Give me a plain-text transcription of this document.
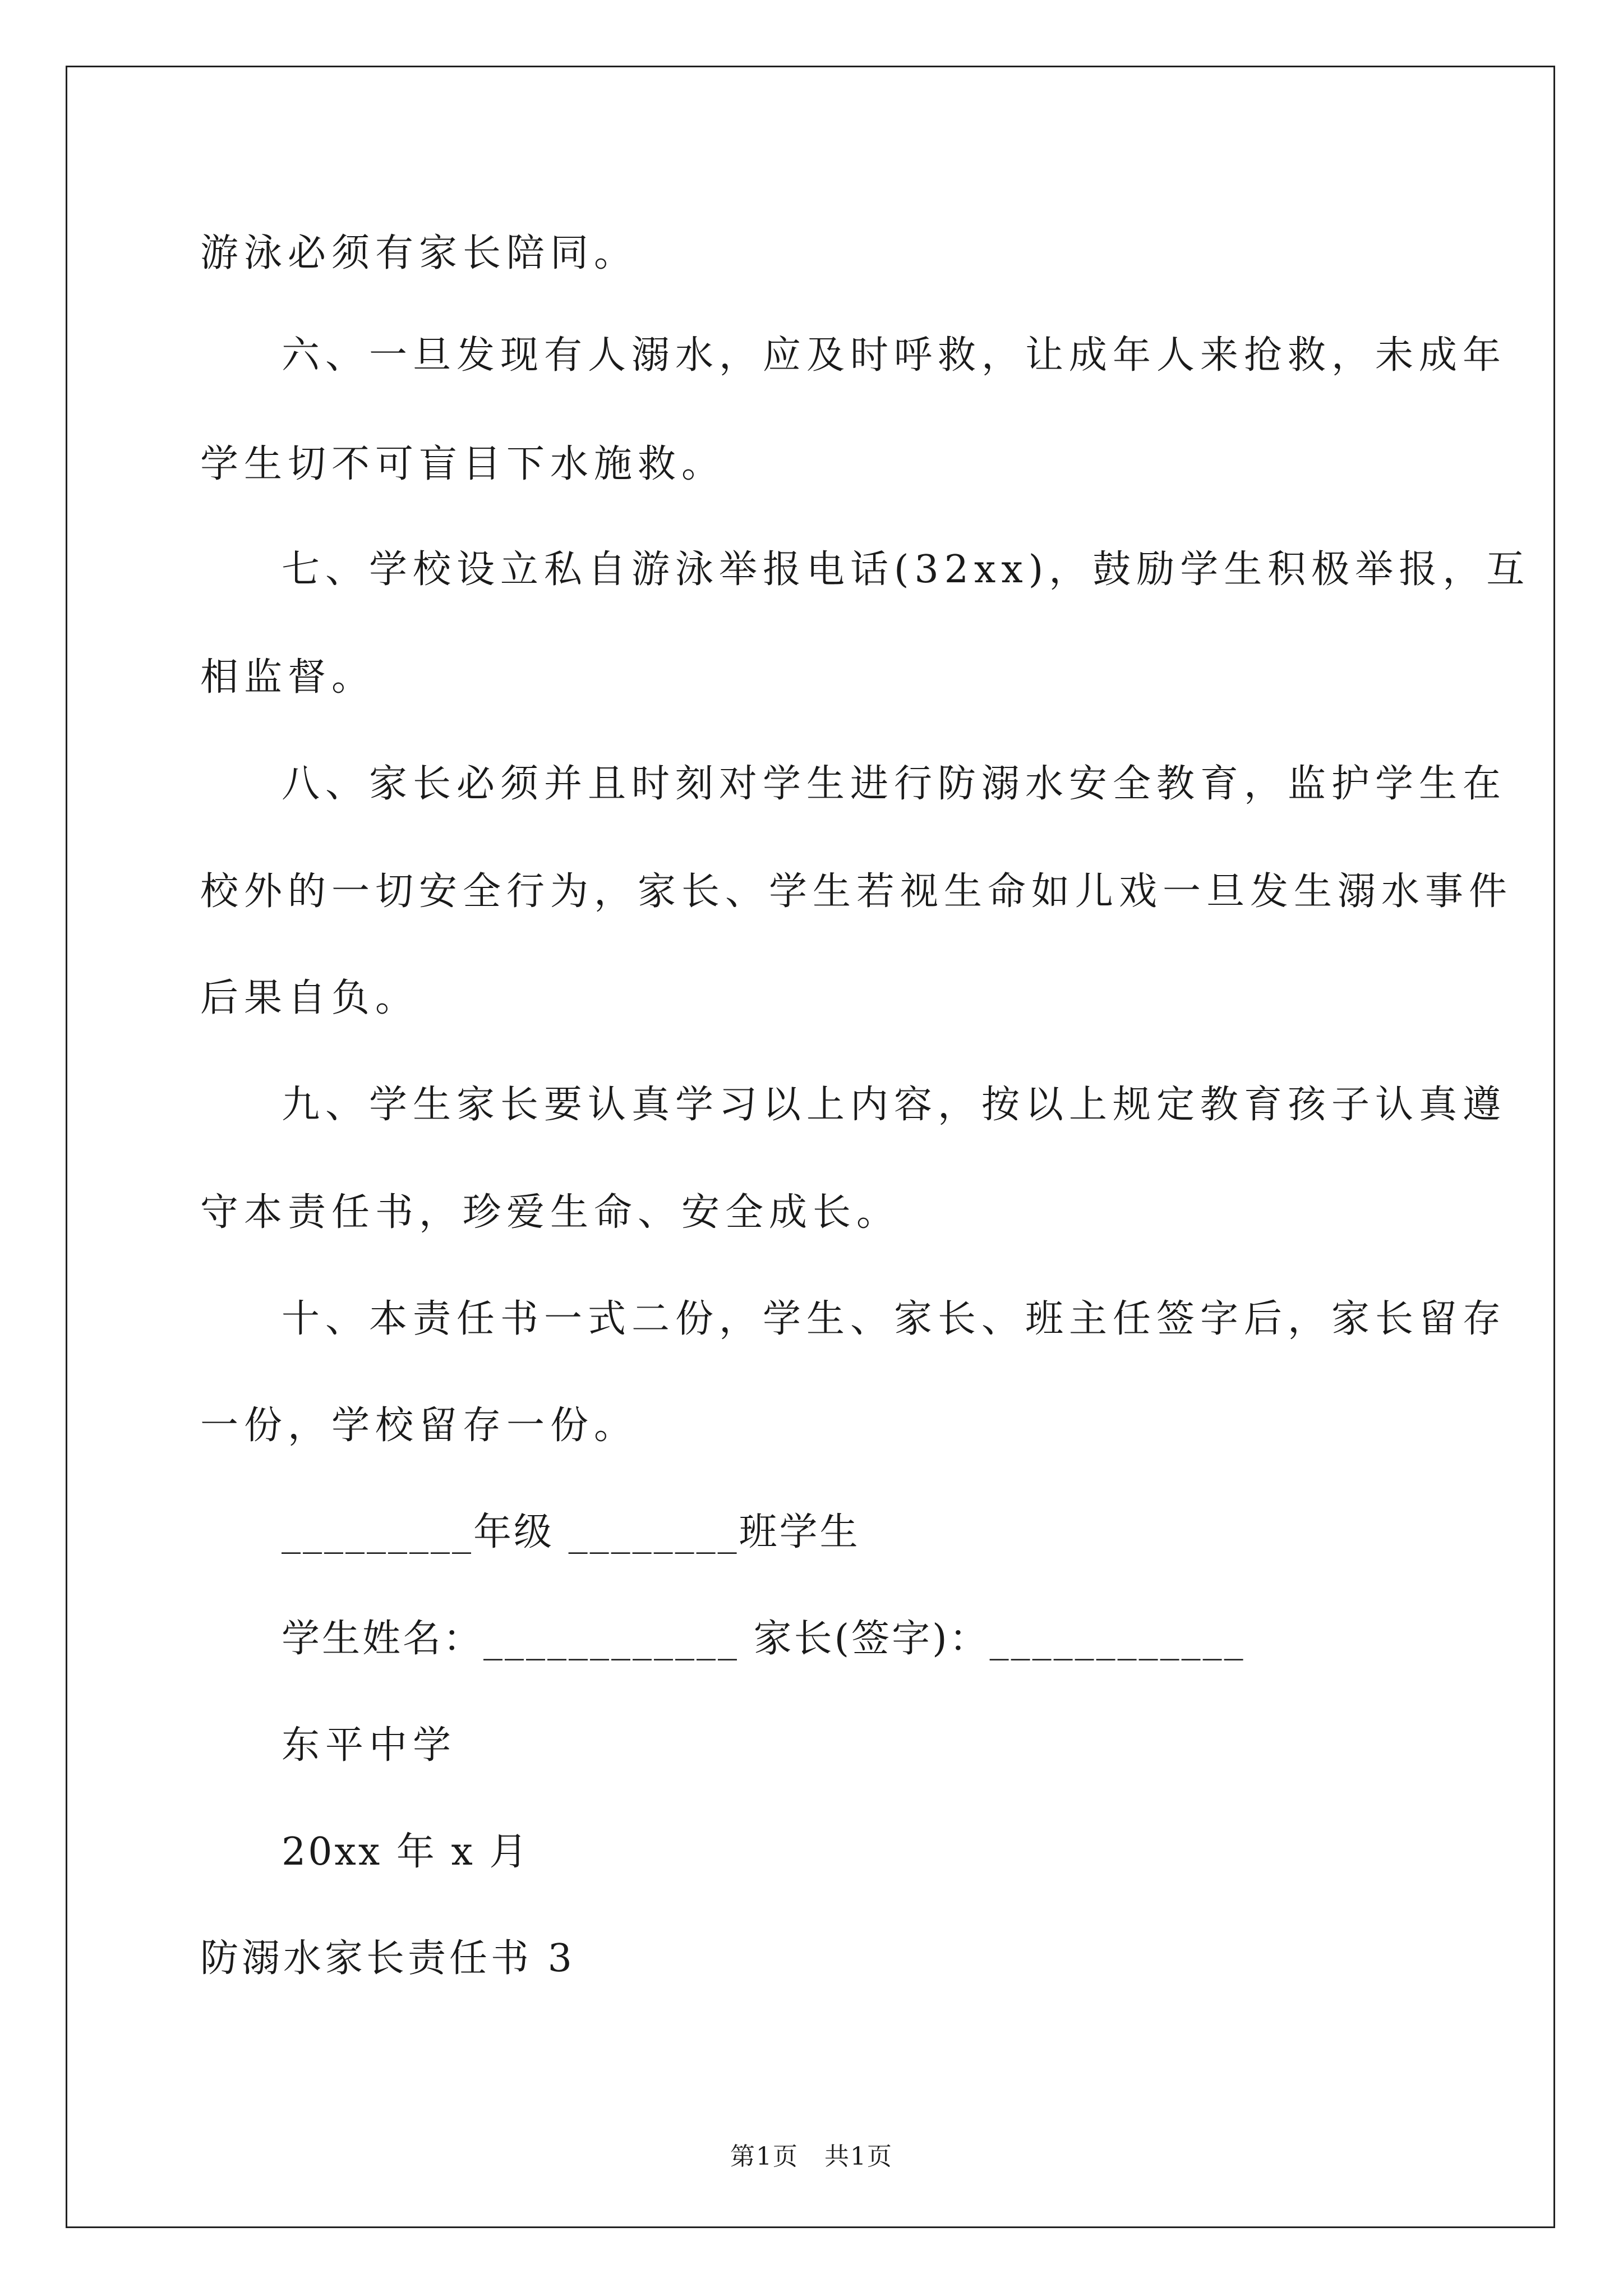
游泳必须有家长陪同。
六、一旦发现有人溺水，应及时呼救，让成年人来抢救，未成年
学生切不可盲目下水施救。
七、学校设立私自游泳举报电话(32xx)，鼓励学生积极举报，互
相监督。
八、家长必须并且时刻对学生进行防溺水安全教育，监护学生在
校外的一切安全行为，家长、学生若视生命如儿戏一旦发生溺水事件
后果自负。
九、学生家长要认真学习以上内容，按以上规定教育孩子认真遵
守本责任书，珍爱生命、安全成长。
十、本责任书一式二份，学生、家长、班主任签字后，家长留存
一份，学校留存一份。
_________年级 ________班学生
学生姓名：____________ 家长(签字)：____________
东平中学
20xx 年 x 月
防溺水家长责任书 3
第1页　共1页
